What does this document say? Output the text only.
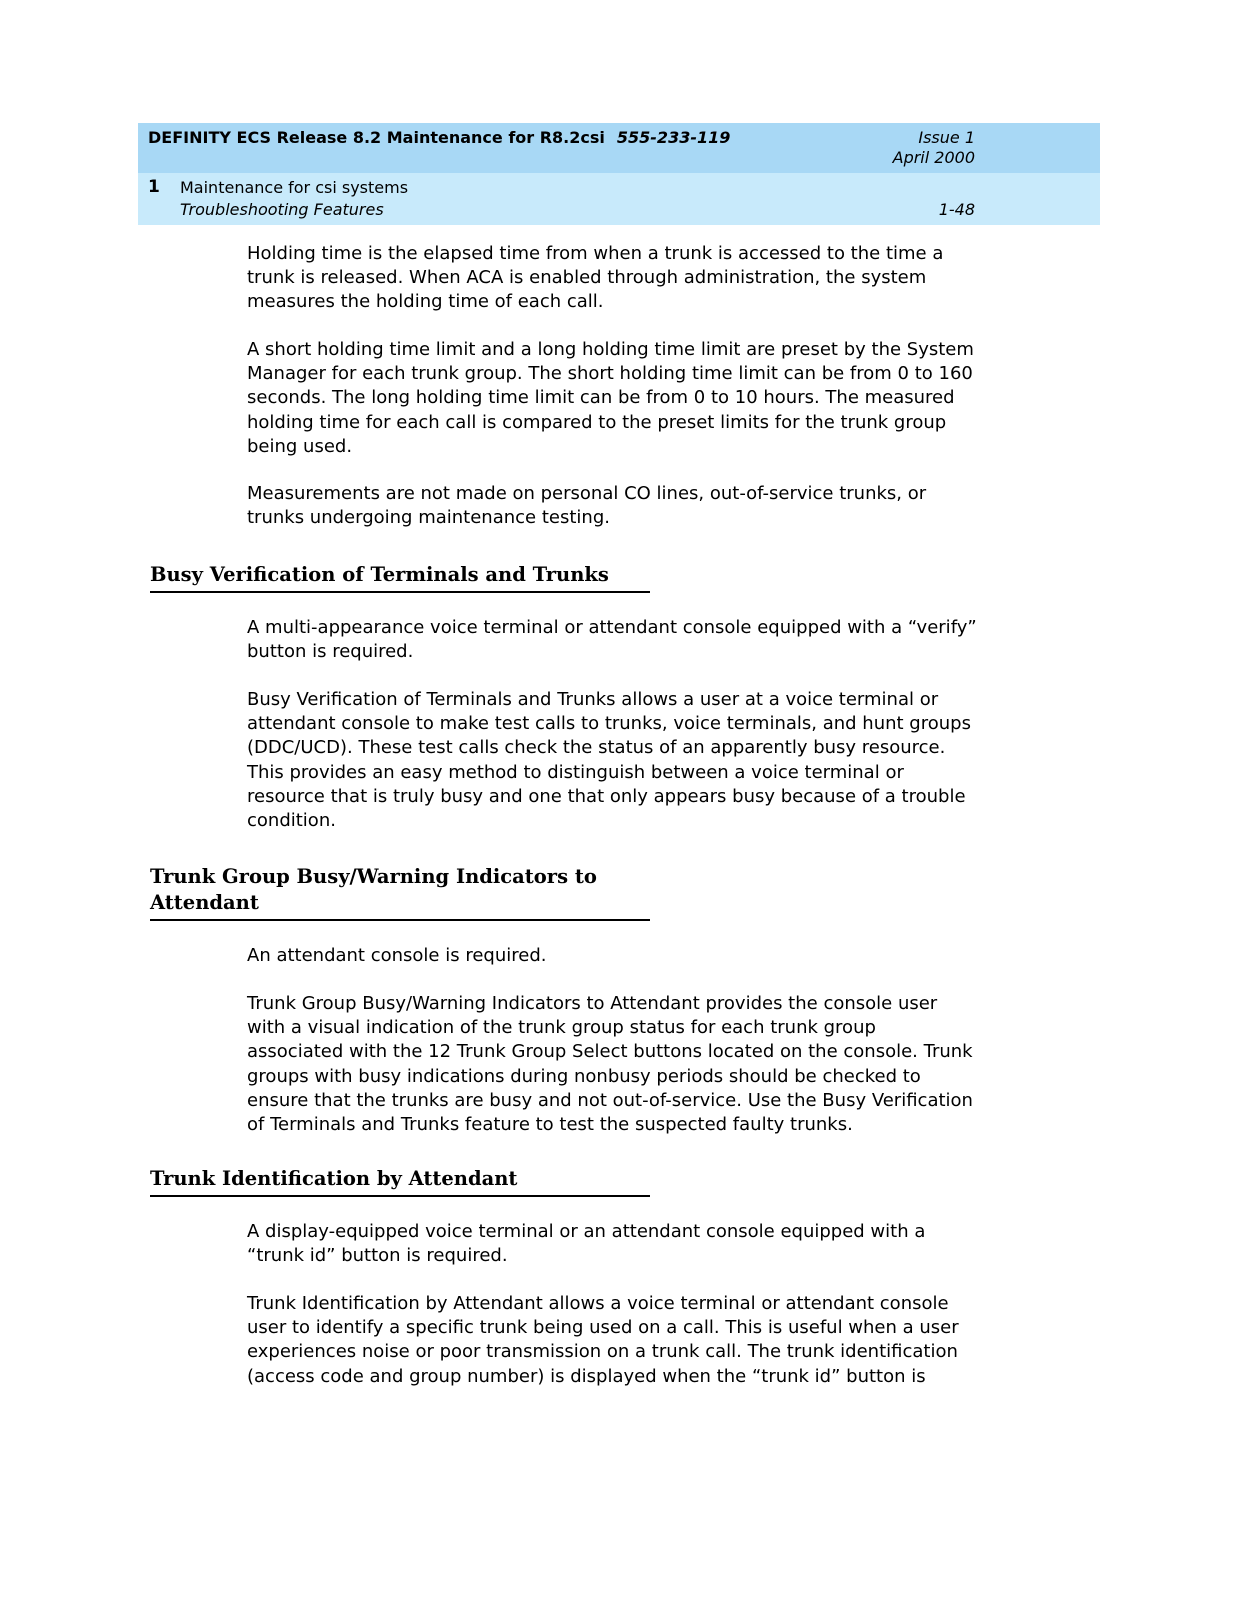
DEFINITY ECS Release 8.2 Maintenance for R8.2csi 555-233-119	Issue 1
April 2000
1 Maintenance for csi systems
Troubleshooting Features	1-48

Holding time is the elapsed time from when a trunk is accessed to the time a trunk is released. When ACA is enabled through administration, the system measures the holding time of each call.

A short holding time limit and a long holding time limit are preset by the System Manager for each trunk group. The short holding time limit can be from 0 to 160 seconds. The long holding time limit can be from 0 to 10 hours. The measured holding time for each call is compared to the preset limits for the trunk group being used.

Measurements are not made on personal CO lines, out-of-service trunks, or trunks undergoing maintenance testing.

Busy Verification of Terminals and Trunks

A multi-appearance voice terminal or attendant console equipped with a “verify” button is required.

Busy Verification of Terminals and Trunks allows a user at a voice terminal or attendant console to make test calls to trunks, voice terminals, and hunt groups (DDC/UCD). These test calls check the status of an apparently busy resource. This provides an easy method to distinguish between a voice terminal or resource that is truly busy and one that only appears busy because of a trouble condition.

Trunk Group Busy/Warning Indicators to Attendant

An attendant console is required.

Trunk Group Busy/Warning Indicators to Attendant provides the console user with a visual indication of the trunk group status for each trunk group associated with the 12 Trunk Group Select buttons located on the console. Trunk groups with busy indications during nonbusy periods should be checked to ensure that the trunks are busy and not out-of-service. Use the Busy Verification of Terminals and Trunks feature to test the suspected faulty trunks.

Trunk Identification by Attendant

A display-equipped voice terminal or an attendant console equipped with a “trunk id” button is required.

Trunk Identification by Attendant allows a voice terminal or attendant console user to identify a specific trunk being used on a call. This is useful when a user experiences noise or poor transmission on a trunk call. The trunk identification (access code and group number) is displayed when the “trunk id” button is
